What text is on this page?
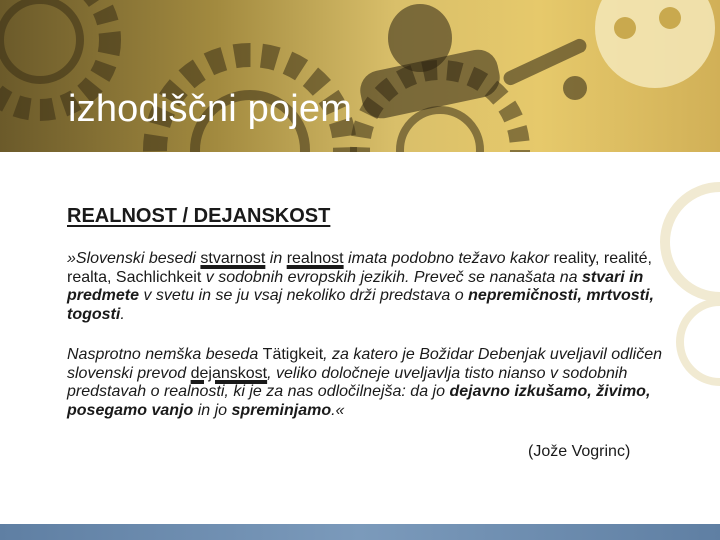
izhodiščni pojem
REALNOST / DEJANSKOST

»Slovenski besedi stvarnost in realnost imata podobno težavo kakor reality, realité, realta, Sachlichkeit v sodobnih evropskih jezikih. Preveč se nanašata na stvari in predmete v svetu in se ju vsaj nekoliko drži predstava o nepremičnosti, mrtvosti, togosti.

Nasprotno nemška beseda Tätigkeit, za katero je Božidar Debenjak uveljavil odličen slovenski prevod dejanskost, veliko določneje uveljavlja tisto nianso v sodobnih predstavah o realnosti, ki je za nas odločilnejša: da jo dejavno izkušamo, živimo, posegamo vanjo in jo spreminjamo.«

(Jože Vogrinc)
